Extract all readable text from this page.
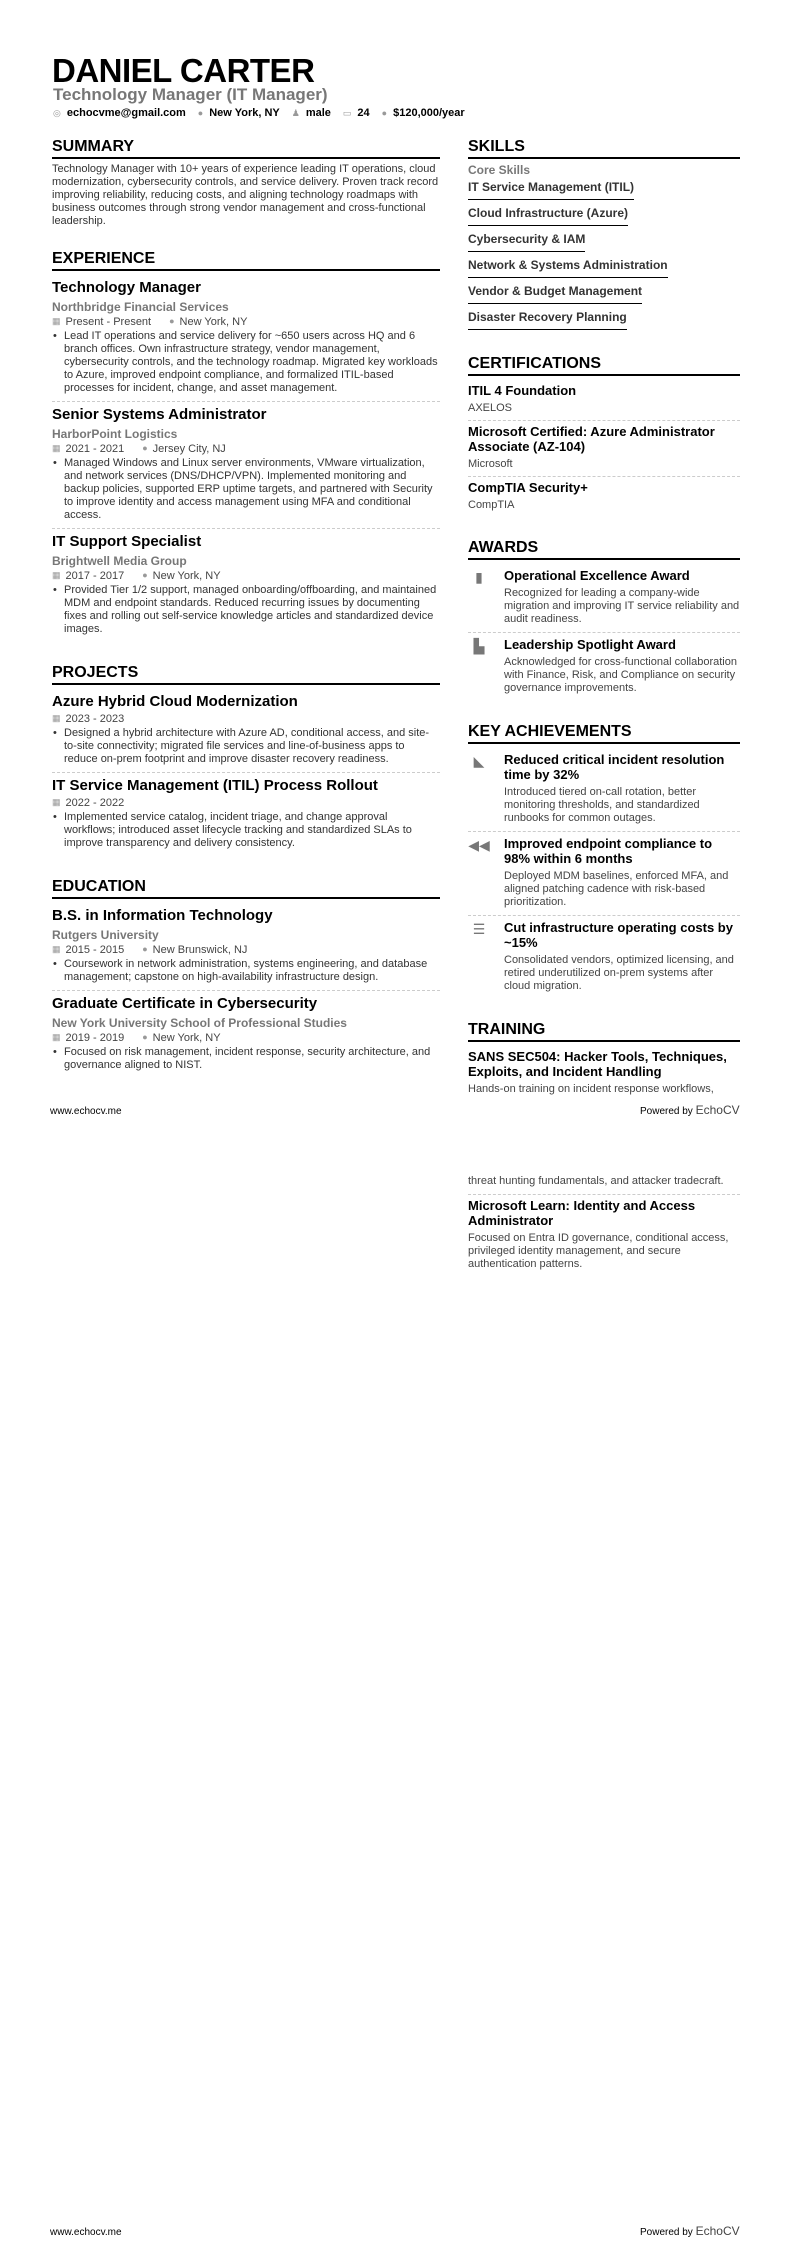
DANIEL CARTER
Technology Manager (IT Manager)
◎ echocvme@gmail.com ● New York, NY ♟ male ▭ 24 ● $120,000/year
SUMMARY
Technology Manager with 10+ years of experience leading IT operations, cloud modernization, cybersecurity controls, and service delivery. Proven track record improving reliability, reducing costs, and aligning technology roadmaps with business outcomes through strong vendor management and cross-functional leadership.
EXPERIENCE
Technology Manager
Northbridge Financial Services
▦ Present - Present ● New York, NY
• Lead IT operations and service delivery for ~650 users across HQ and 6 branch offices. Own infrastructure strategy, vendor management, cybersecurity controls, and the technology roadmap. Migrated key workloads to Azure, improved endpoint compliance, and formalized ITIL-based processes for incident, change, and asset management.
Senior Systems Administrator
HarborPoint Logistics
▦ 2021 - 2021 ● Jersey City, NJ
• Managed Windows and Linux server environments, VMware virtualization, and network services (DNS/DHCP/VPN). Implemented monitoring and backup policies, supported ERP uptime targets, and partnered with Security to improve identity and access management using MFA and conditional access.
IT Support Specialist
Brightwell Media Group
▦ 2017 - 2017 ● New York, NY
• Provided Tier 1/2 support, managed onboarding/offboarding, and maintained MDM and endpoint standards. Reduced recurring issues by documenting fixes and rolling out self-service knowledge articles and standardized device images.
PROJECTS
Azure Hybrid Cloud Modernization
▦ 2023 - 2023
• Designed a hybrid architecture with Azure AD, conditional access, and site-to-site connectivity; migrated file services and line-of-business apps to reduce on-prem footprint and improve disaster recovery readiness.
IT Service Management (ITIL) Process Rollout
▦ 2022 - 2022
• Implemented service catalog, incident triage, and change approval workflows; introduced asset lifecycle tracking and standardized SLAs to improve transparency and delivery consistency.
EDUCATION
B.S. in Information Technology
Rutgers University
▦ 2015 - 2015 ● New Brunswick, NJ
• Coursework in network administration, systems engineering, and database management; capstone on high-availability infrastructure design.
Graduate Certificate in Cybersecurity
New York University School of Professional Studies
▦ 2019 - 2019 ● New York, NY
• Focused on risk management, incident response, security architecture, and governance aligned to NIST.
SKILLS
Core Skills
IT Service Management (ITIL)
Cloud Infrastructure (Azure)
Cybersecurity & IAM
Network & Systems Administration
Vendor & Budget Management
Disaster Recovery Planning
CERTIFICATIONS
ITIL 4 Foundation
AXELOS
Microsoft Certified: Azure Administrator Associate (AZ-104)
Microsoft
CompTIA Security+
CompTIA
AWARDS
▮	Operational Excellence Award
Recognized for leading a company-wide migration and improving IT service reliability and audit readiness.
▙	Leadership Spotlight Award
Acknowledged for cross-functional collaboration with Finance, Risk, and Compliance on security governance improvements.
KEY ACHIEVEMENTS
◣	Reduced critical incident resolution time by 32%
Introduced tiered on-call rotation, better monitoring thresholds, and standardized runbooks for common outages.
◀◀ Improved endpoint compliance to 98% within 6 months
Deployed MDM baselines, enforced MFA, and aligned patching cadence with risk-based prioritization.
☰	Cut infrastructure operating costs by ~15%
Consolidated vendors, optimized licensing, and retired underutilized on-prem systems after cloud migration.
TRAINING
SANS SEC504: Hacker Tools, Techniques, Exploits, and Incident Handling
Hands-on training on incident response workflows,
www.echocv.me	Powered by EchoCV
threat hunting fundamentals, and attacker tradecraft.
Microsoft Learn: Identity and Access Administrator
Focused on Entra ID governance, conditional access, privileged identity management, and secure authentication patterns.
www.echocv.me	Powered by EchoCV
